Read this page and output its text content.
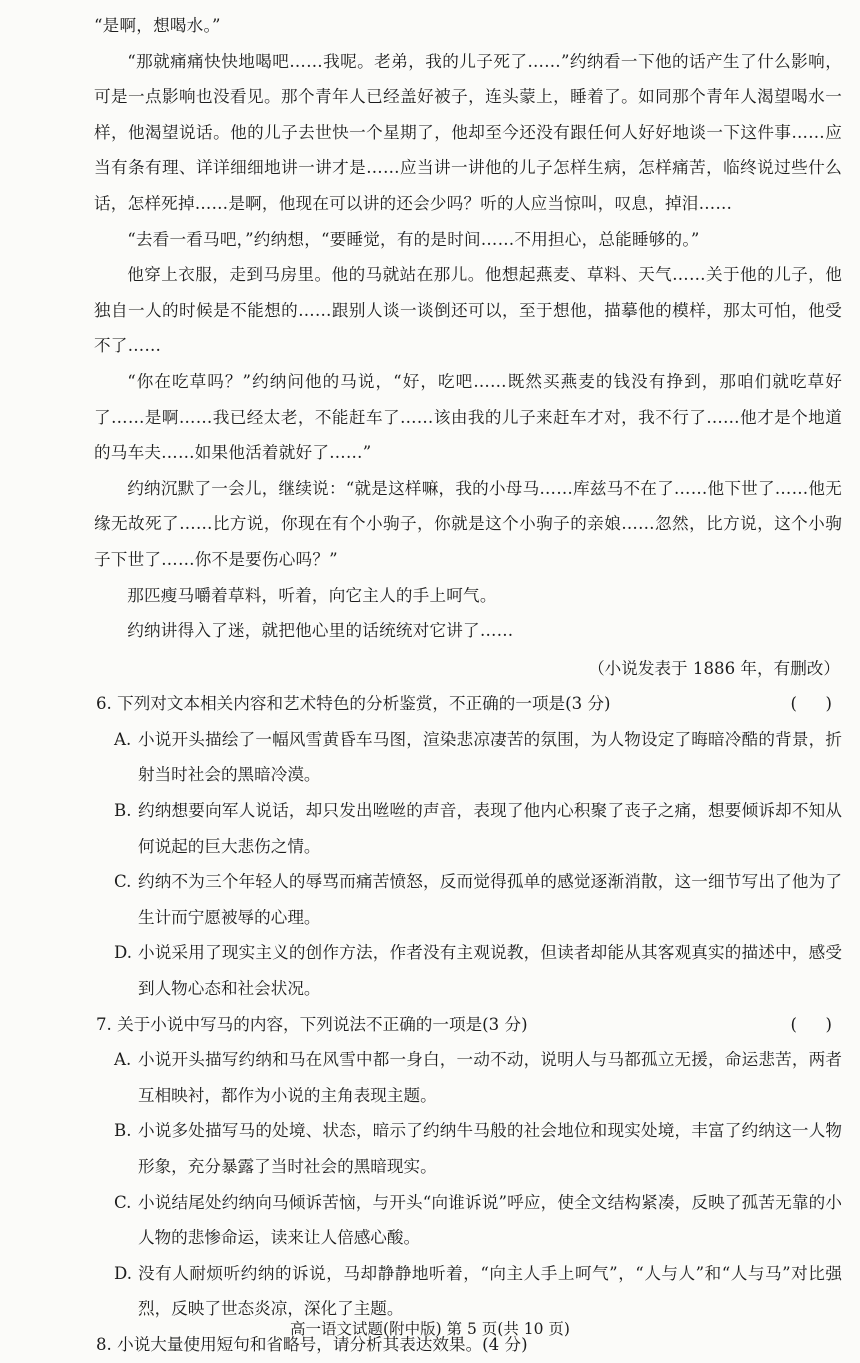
“是啊，想喝水。”

“那就痛痛快快地喝吧……我呢。老弟，我的儿子死了……”约纳看一下他的话产生了什么影响，可是一点影响也没看见。那个青年人已经盖好被子，连头蒙上，睡着了。如同那个青年人渴望喝水一样，他渴望说话。他的儿子去世快一个星期了，他却至今还没有跟任何人好好地谈一下这件事……应当有条有理、详详细细地讲一讲才是……应当讲一讲他的儿子怎样生病，怎样痛苦，临终说过些什么话，怎样死掉……是啊，他现在可以讲的还会少吗？听的人应当惊叫，叹息，掉泪……

“去看一看马吧，”约纳想，“要睡觉，有的是时间……不用担心，总能睡够的。”

他穿上衣服，走到马房里。他的马就站在那儿。他想起燕麦、草料、天气……关于他的儿子，他独自一人的时候是不能想的……跟别人谈一谈倒还可以，至于想他，描摹他的模样，那太可怕，他受不了……

“你在吃草吗？”约纳问他的马说，“好，吃吧……既然买燕麦的钱没有挣到，那咱们就吃草好了……是啊……我已经太老，不能赶车了……该由我的儿子来赶车才对，我不行了……他才是个地道的马车夫……如果他活着就好了……”

约纳沉默了一会儿，继续说：“就是这样嘛，我的小母马……库兹马不在了……他下世了……他无缘无故死了……比方说，你现在有个小驹子，你就是这个小驹子的亲娘……忽然，比方说，这个小驹子下世了……你不是要伤心吗？”

那匹瘦马嚼着草料，听着，向它主人的手上呵气。

约纳讲得入了迷，就把他心里的话统统对它讲了……

（小说发表于 1886 年，有删改）
6. 下列对文本相关内容和艺术特色的分析鉴赏，不正确的一项是(3 分)	(　)
A. 小说开头描绘了一幅风雪黄昏车马图，渲染悲凉凄苦的氛围，为人物设定了晦暗冷酷的背景，折射当时社会的黑暗冷漠。
B. 约纳想要向军人说话，却只发出咝咝的声音，表现了他内心积聚了丧子之痛，想要倾诉却不知从何说起的巨大悲伤之情。
C. 约纳不为三个年轻人的辱骂而痛苦愤怒，反而觉得孤单的感觉逐渐消散，这一细节写出了他为了生计而宁愿被辱的心理。
D. 小说采用了现实主义的创作方法，作者没有主观说教，但读者却能从其客观真实的描述中，感受到人物心态和社会状况。
7. 关于小说中写马的内容，下列说法不正确的一项是(3 分)	(　)
A. 小说开头描写约纳和马在风雪中都一身白，一动不动，说明人与马都孤立无援，命运悲苦，两者互相映衬，都作为小说的主角表现主题。
B. 小说多处描写马的处境、状态，暗示了约纳牛马般的社会地位和现实处境，丰富了约纳这一人物形象，充分暴露了当时社会的黑暗现实。
C. 小说结尾处约纳向马倾诉苦恼，与开头“向谁诉说”呼应，使全文结构紧凑，反映了孤苦无靠的小人物的悲惨命运，读来让人倍感心酸。
D. 没有人耐烦听约纳的诉说，马却静静地听着，“向主人手上呵气”，“人与人”和“人与马”对比强烈，反映了世态炎凉，深化了主题。
8. 小说大量使用短句和省略号，请分析其表达效果。(4 分)
高一语文试题(附中版) 第 5 页(共 10 页)
